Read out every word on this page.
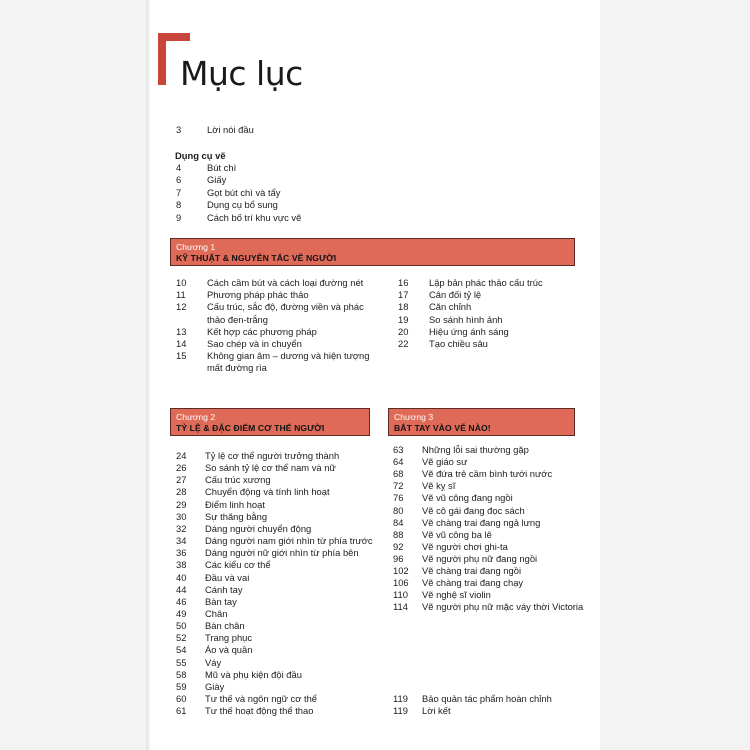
Mục lục
3	Lời nói đầu
Dụng cụ vẽ
4	Bút chì
6	Giấy
7	Gọt bút chì và tẩy
8	Dụng cụ bổ sung
9	Cách bố trí khu vực vẽ
Chương 1
KỸ THUẬT & NGUYÊN TẮC VẼ NGƯỜI
10 Cách cầm bút và cách loại đường nét
11 Phương pháp phác thảo
12 Cấu trúc, sắc độ, đường viền và phác
thảo đen-trắng
13 Kết hợp các phương pháp
14 Sao chép và in chuyển
15 Không gian âm – dương và hiện tượng
mất đường rìa
16 Lập bản phác thảo cấu trúc
17 Cân đối tỷ lệ
18 Căn chỉnh
19 So sánh hình ảnh
20 Hiệu ứng ánh sáng
22 Tạo chiều sâu
Chương 2
TỶ LỆ & ĐẶC ĐIỂM CƠ THỂ NGƯỜI
24 Tỷ lệ cơ thể người trưởng thành
26 So sánh tỷ lệ cơ thể nam và nữ
27 Cấu trúc xương
28 Chuyển động và tính linh hoạt
29 Điểm linh hoạt
30 Sự thăng bằng
32 Dáng người chuyển động
34 Dáng người nam giới nhìn từ phía trước
36 Dáng người nữ giới nhìn từ phía bên
38 Các kiểu cơ thể
40 Đầu và vai
44 Cánh tay
46 Bàn tay
49 Chân
50 Bàn chân
52 Trang phục
54 Áo và quần
55 Váy
58 Mũ và phụ kiện đội đầu
59 Giày
60 Tư thế và ngôn ngữ cơ thể
61 Tư thế hoạt động thể thao
Chương 3
BẮT TAY VÀO VẼ NÀO!
63 Những lỗi sai thường gặp
64 Vẽ giáo sư
68 Vẽ đứa trẻ cầm bình tưới nước
72 Vẽ kỵ sĩ
76 Vẽ vũ công đang ngồi
80 Vẽ cô gái đang đọc sách
84 Vẽ chàng trai đang ngả lưng
88 Vẽ vũ công ba lê
92 Vẽ người chơi ghi-ta
96 Vẽ người phụ nữ đang ngồi
102 Vẽ chàng trai đang ngồi
106 Vẽ chàng trai đang chạy
110 Vẽ nghệ sĩ violin
114 Vẽ người phụ nữ mặc váy thời Victoria
119 Bảo quản tác phẩm hoàn chỉnh
119 Lời kết
